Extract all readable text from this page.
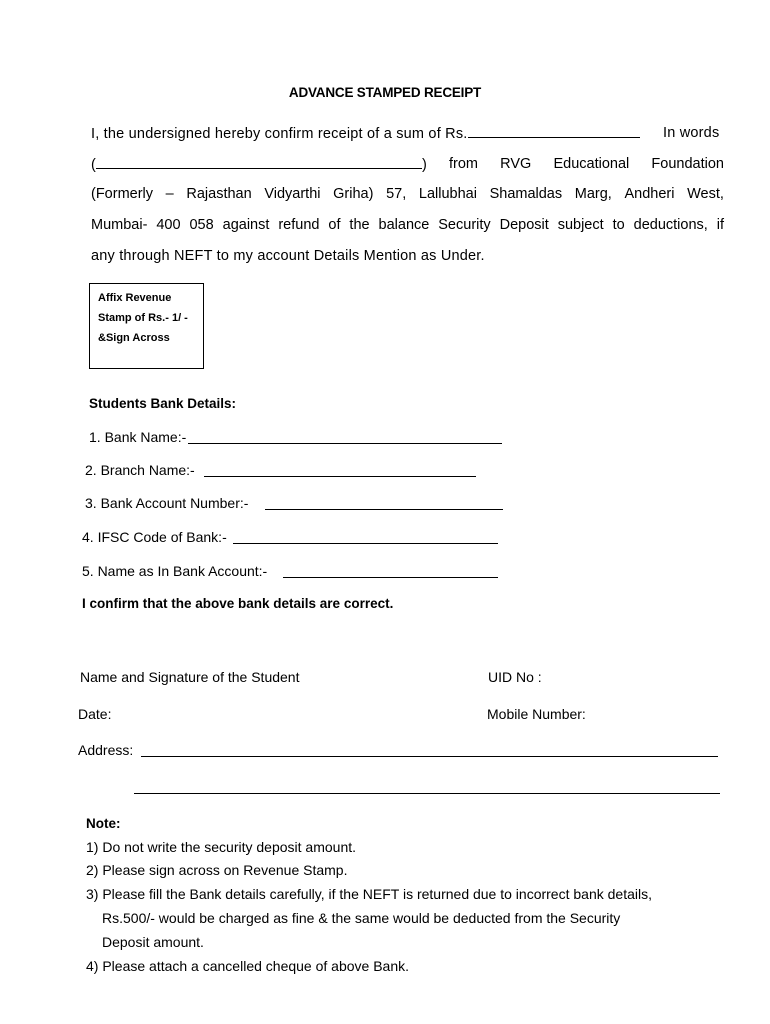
ADVANCE STAMPED RECEIPT
I, the undersigned hereby confirm receipt of a sum of Rs.	In words
(	) from RVG Educational Foundation
(Formerly – Rajasthan Vidyarthi Griha) 57, Lallubhai Shamaldas Marg, Andheri West,
Mumbai- 400 058 against refund of the balance Security Deposit subject to deductions, if
any through NEFT to my account Details Mention as Under.
Affix Revenue
Stamp of Rs.- 1/ -
&Sign Across
Students Bank Details:
1. Bank Name:-
2. Branch Name:-
3. Bank Account Number:-
4. IFSC Code of Bank:-
5. Name as In Bank Account:-
I confirm that the above bank details are correct.
Name and Signature of the Student	UID No :
Date:	Mobile Number:
Address:
Note:
1) Do not write the security deposit amount.
2) Please sign across on Revenue Stamp.
3) Please fill the Bank details carefully, if the NEFT is returned due to incorrect bank details,
Rs.500/- would be charged as fine & the same would be deducted from the Security
Deposit amount.
4) Please attach a cancelled cheque of above Bank.
